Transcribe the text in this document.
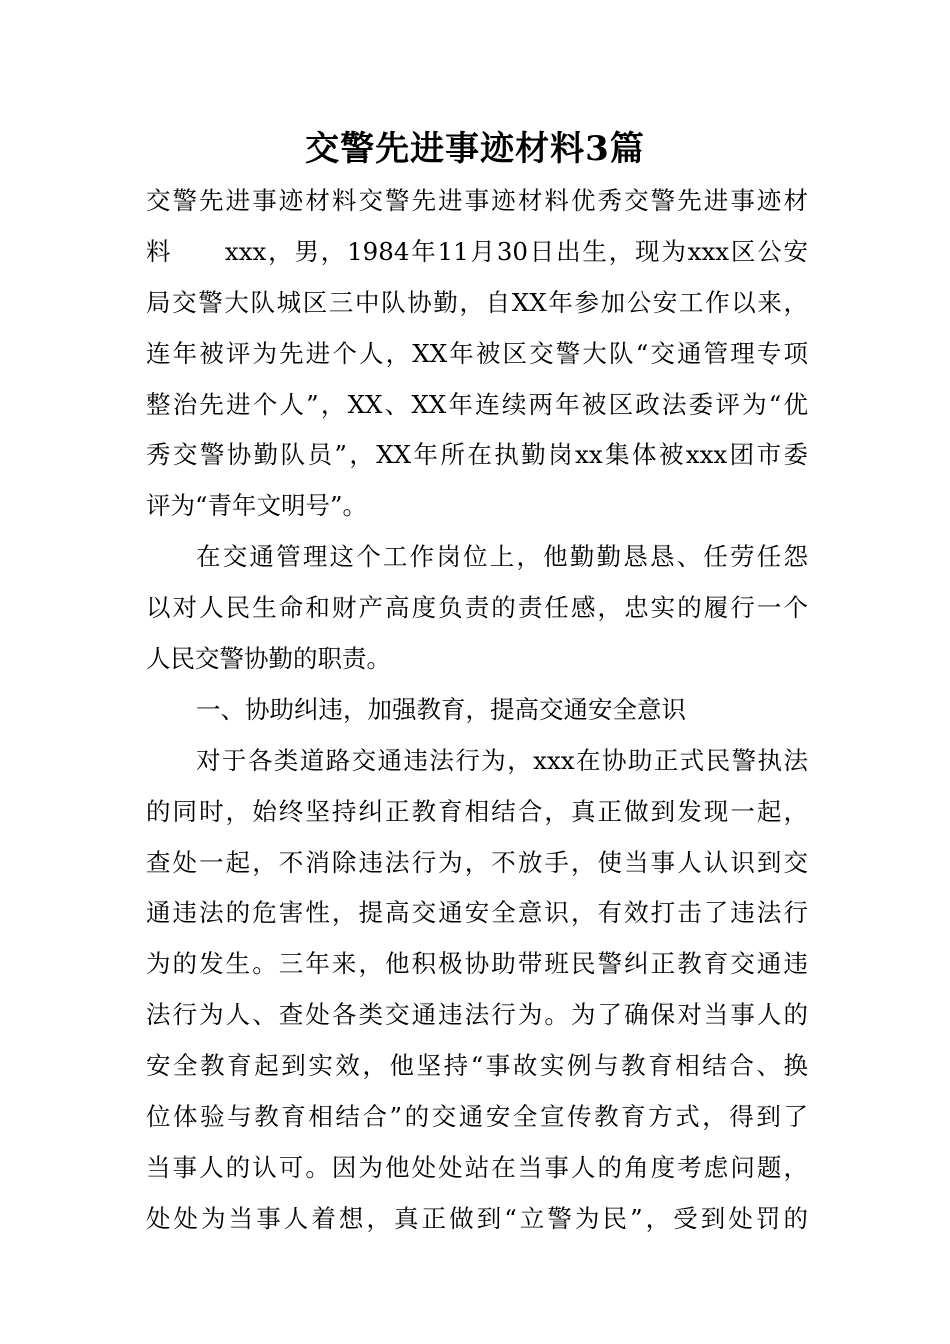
交警先进事迹材料3篇
交警先进事迹材料交警先进事迹材料优秀交警先进事迹材
料　　xxx，男，1984年11月30日出生，现为xxx区公安
局交警大队城区三中队协勤，自XX年参加公安工作以来，
连年被评为先进个人，XX年被区交警大队“交通管理专项
整治先进个人”，XX、XX年连续两年被区政法委评为“优
秀交警协勤队员”，XX年所在执勤岗xx集体被xxx团市委
评为“青年文明号”。
在交通管理这个工作岗位上，他勤勤恳恳、任劳任怨
以对人民生命和财产高度负责的责任感，忠实的履行一个
人民交警协勤的职责。
一、协助纠违，加强教育，提高交通安全意识
对于各类道路交通违法行为，xxx在协助正式民警执法
的同时，始终坚持纠正教育相结合，真正做到发现一起，
查处一起，不消除违法行为，不放手，使当事人认识到交
通违法的危害性，提高交通安全意识，有效打击了违法行
为的发生。三年来，他积极协助带班民警纠正教育交通违
法行为人、查处各类交通违法行为。为了确保对当事人的
安全教育起到实效，他坚持“事故实例与教育相结合、换
位体验与教育相结合”的交通安全宣传教育方式，得到了
当事人的认可。因为他处处站在当事人的角度考虑问题，
处处为当事人着想，真正做到“立警为民”，受到处罚的
